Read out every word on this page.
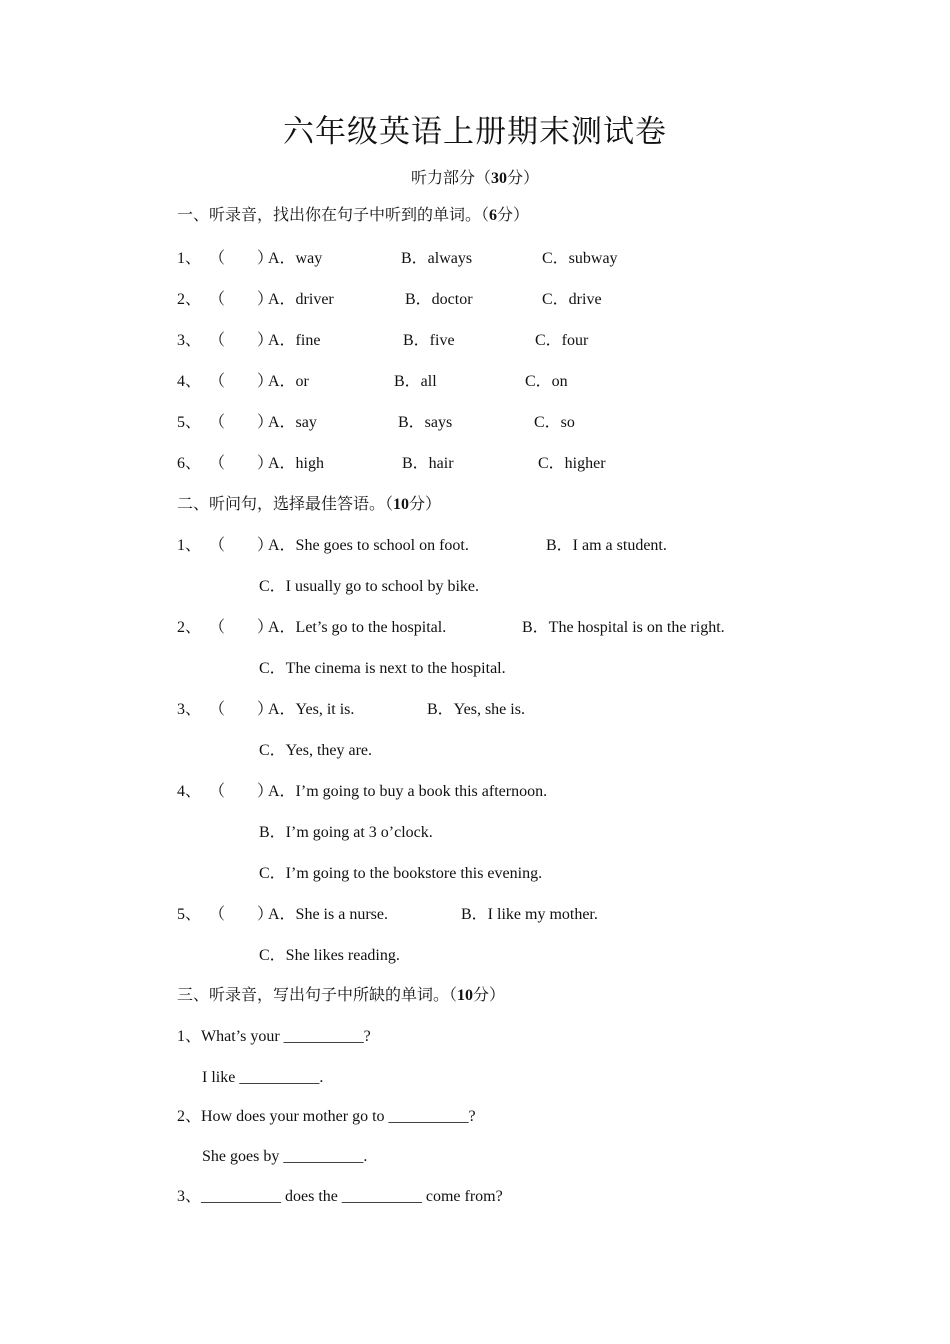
六年级英语上册期末测试卷
听力部分（30分）
一、听录音，找出你在句子中听到的单词。（6分）
1、 （　　）
A．way	B．always	C．subway
2、 （　　）
A．driver	B．doctor	C．drive
3、 （　　）
A．fine	B．five	C．four
4、 （　　）
A．or	B．all	C．on
5、 （　　）
A．say	B．says	C．so
6、 （　　）
A．high	B．hair	C．higher
二、听问句，选择最佳答语。（10分）
1、 （　　）
A．She goes to school on foot.	B．I am a student.
C．I usually go to school by bike.
2、 （　　）
A．Let’s go to the hospital.	B．The hospital is on the right.
C．The cinema is next to the hospital.
3、 （　　）
A．Yes, it is.	B．Yes, she is.
C．Yes, they are.
4、 （　　）
A．I’m going to buy a book this afternoon.
B．I’m going at 3 o’clock.
C．I’m going to the bookstore this evening.
5、 （　　）
A．She is a nurse.	B．I like my mother.
C．She likes reading.
三、听录音，写出句子中所缺的单词。（10分）
1、What’s your __________?
I like __________.
2、How does your mother go to __________?
She goes by __________.
3、__________ does the __________ come from?
